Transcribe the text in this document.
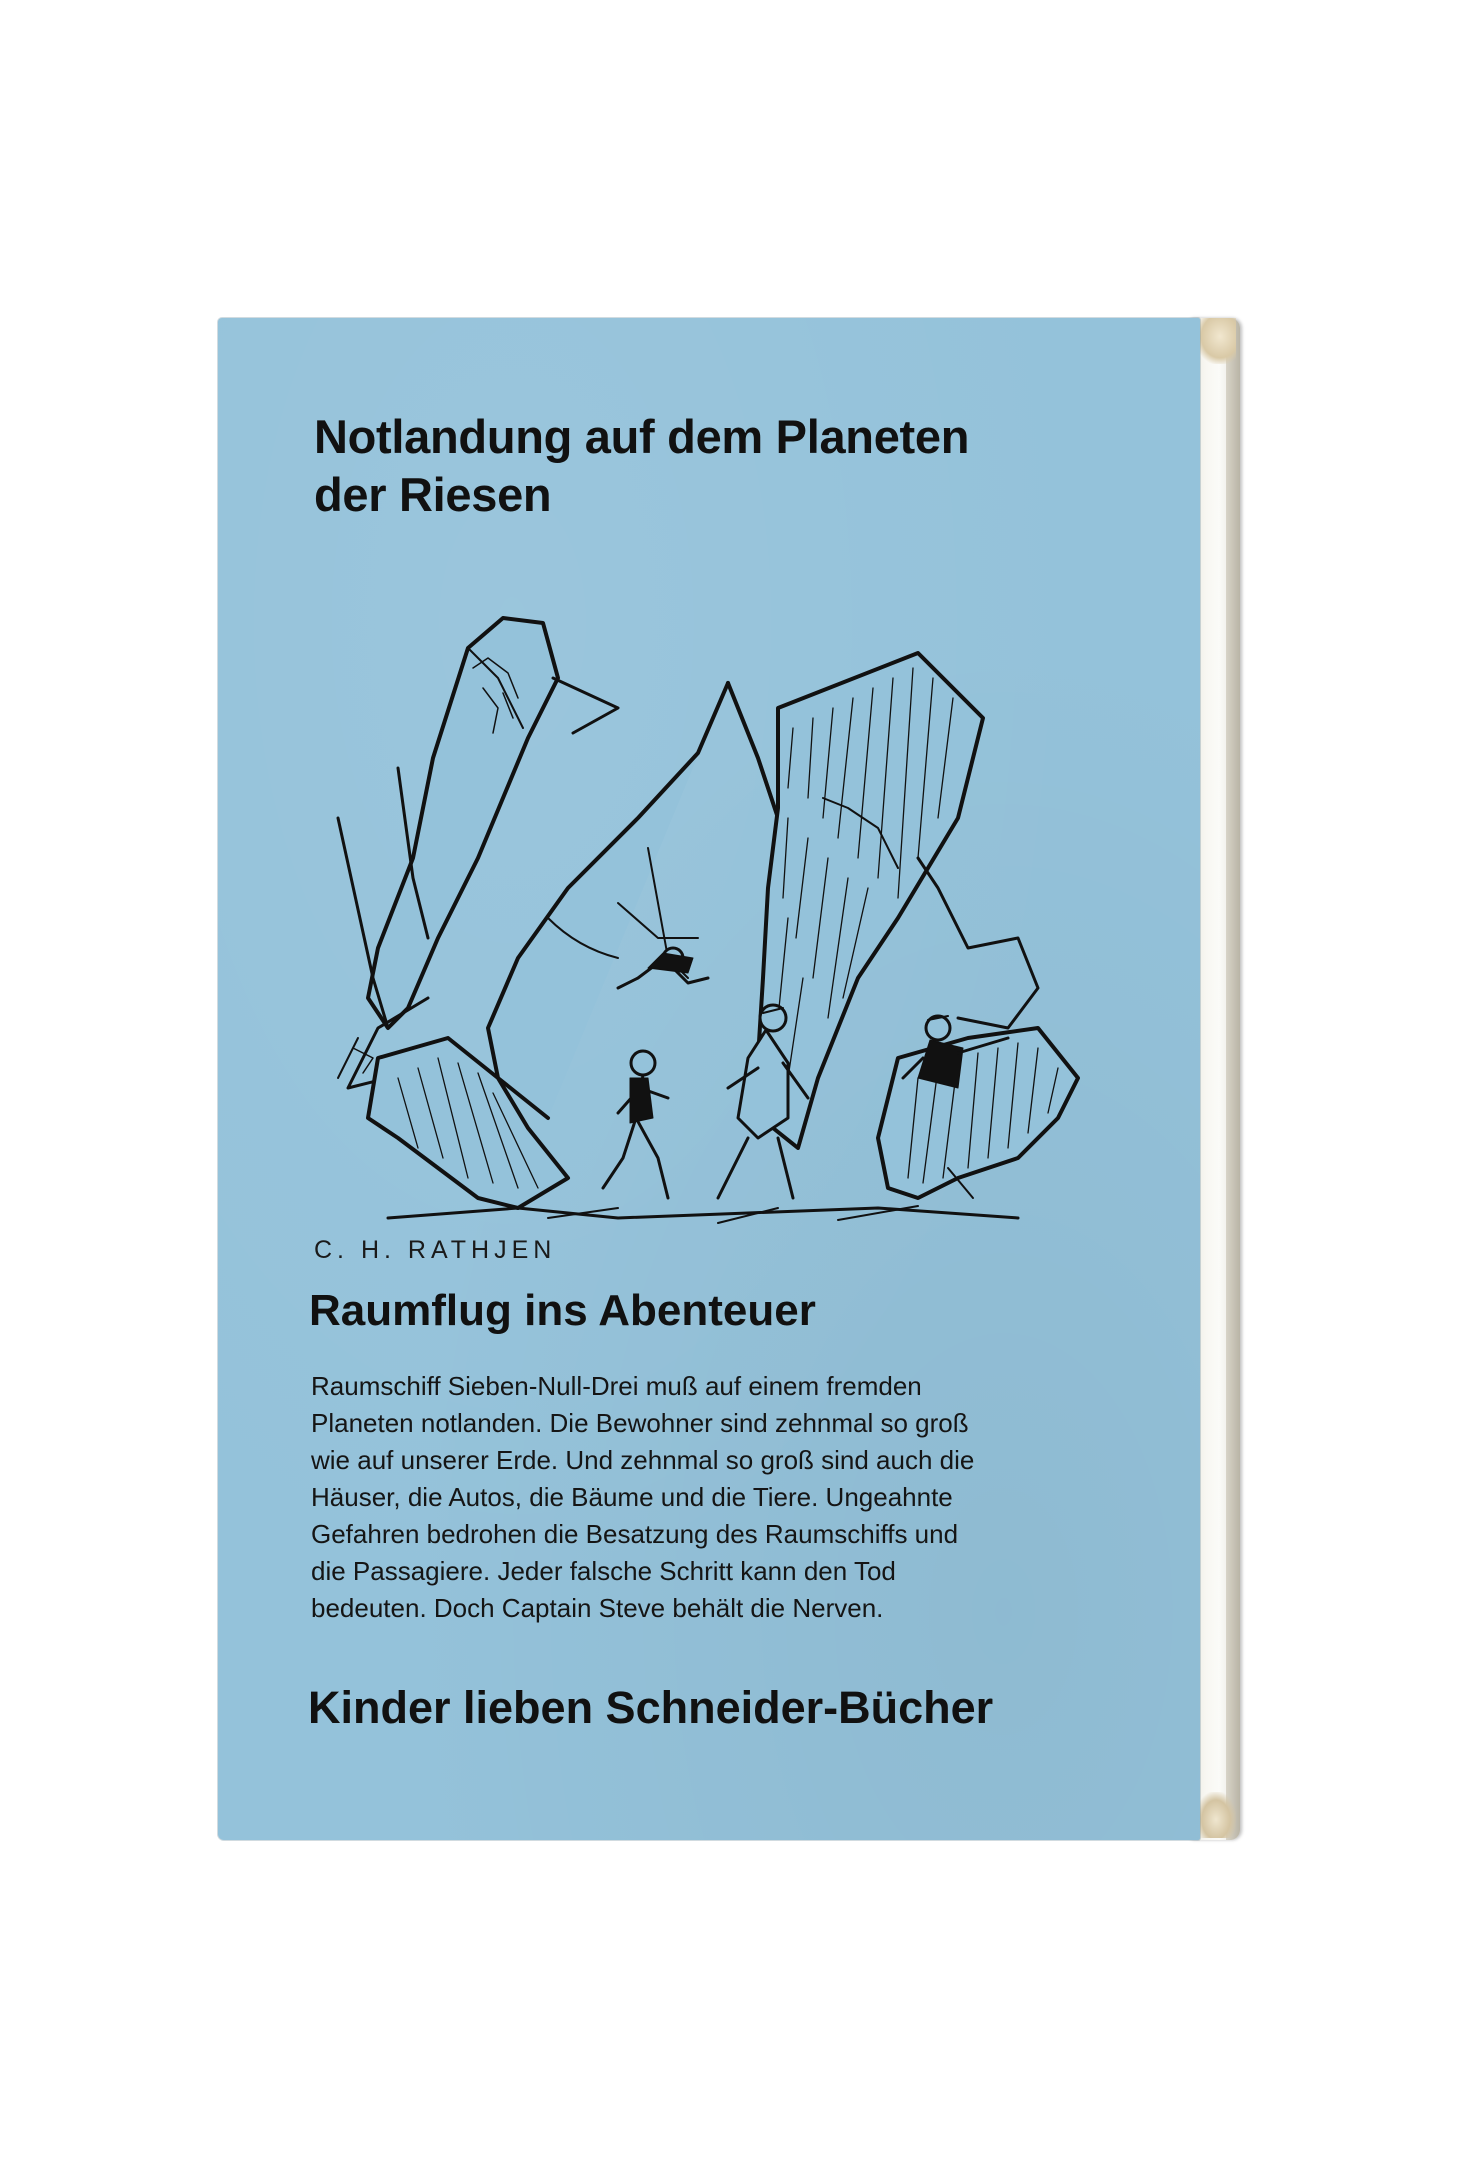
Notlandung auf dem Planeten
der Riesen

C. H. RATHJEN

Raumflug ins Abenteuer

Raumschiff Sieben-Null-Drei muß auf einem fremden
Planeten notlanden. Die Bewohner sind zehnmal so groß
wie auf unserer Erde. Und zehnmal so groß sind auch die
Häuser, die Autos, die Bäume und die Tiere. Ungeahnte
Gefahren bedrohen die Besatzung des Raumschiffs und
die Passagiere. Jeder falsche Schritt kann den Tod
bedeuten. Doch Captain Steve behält die Nerven.

Kinder lieben Schneider-Bücher
